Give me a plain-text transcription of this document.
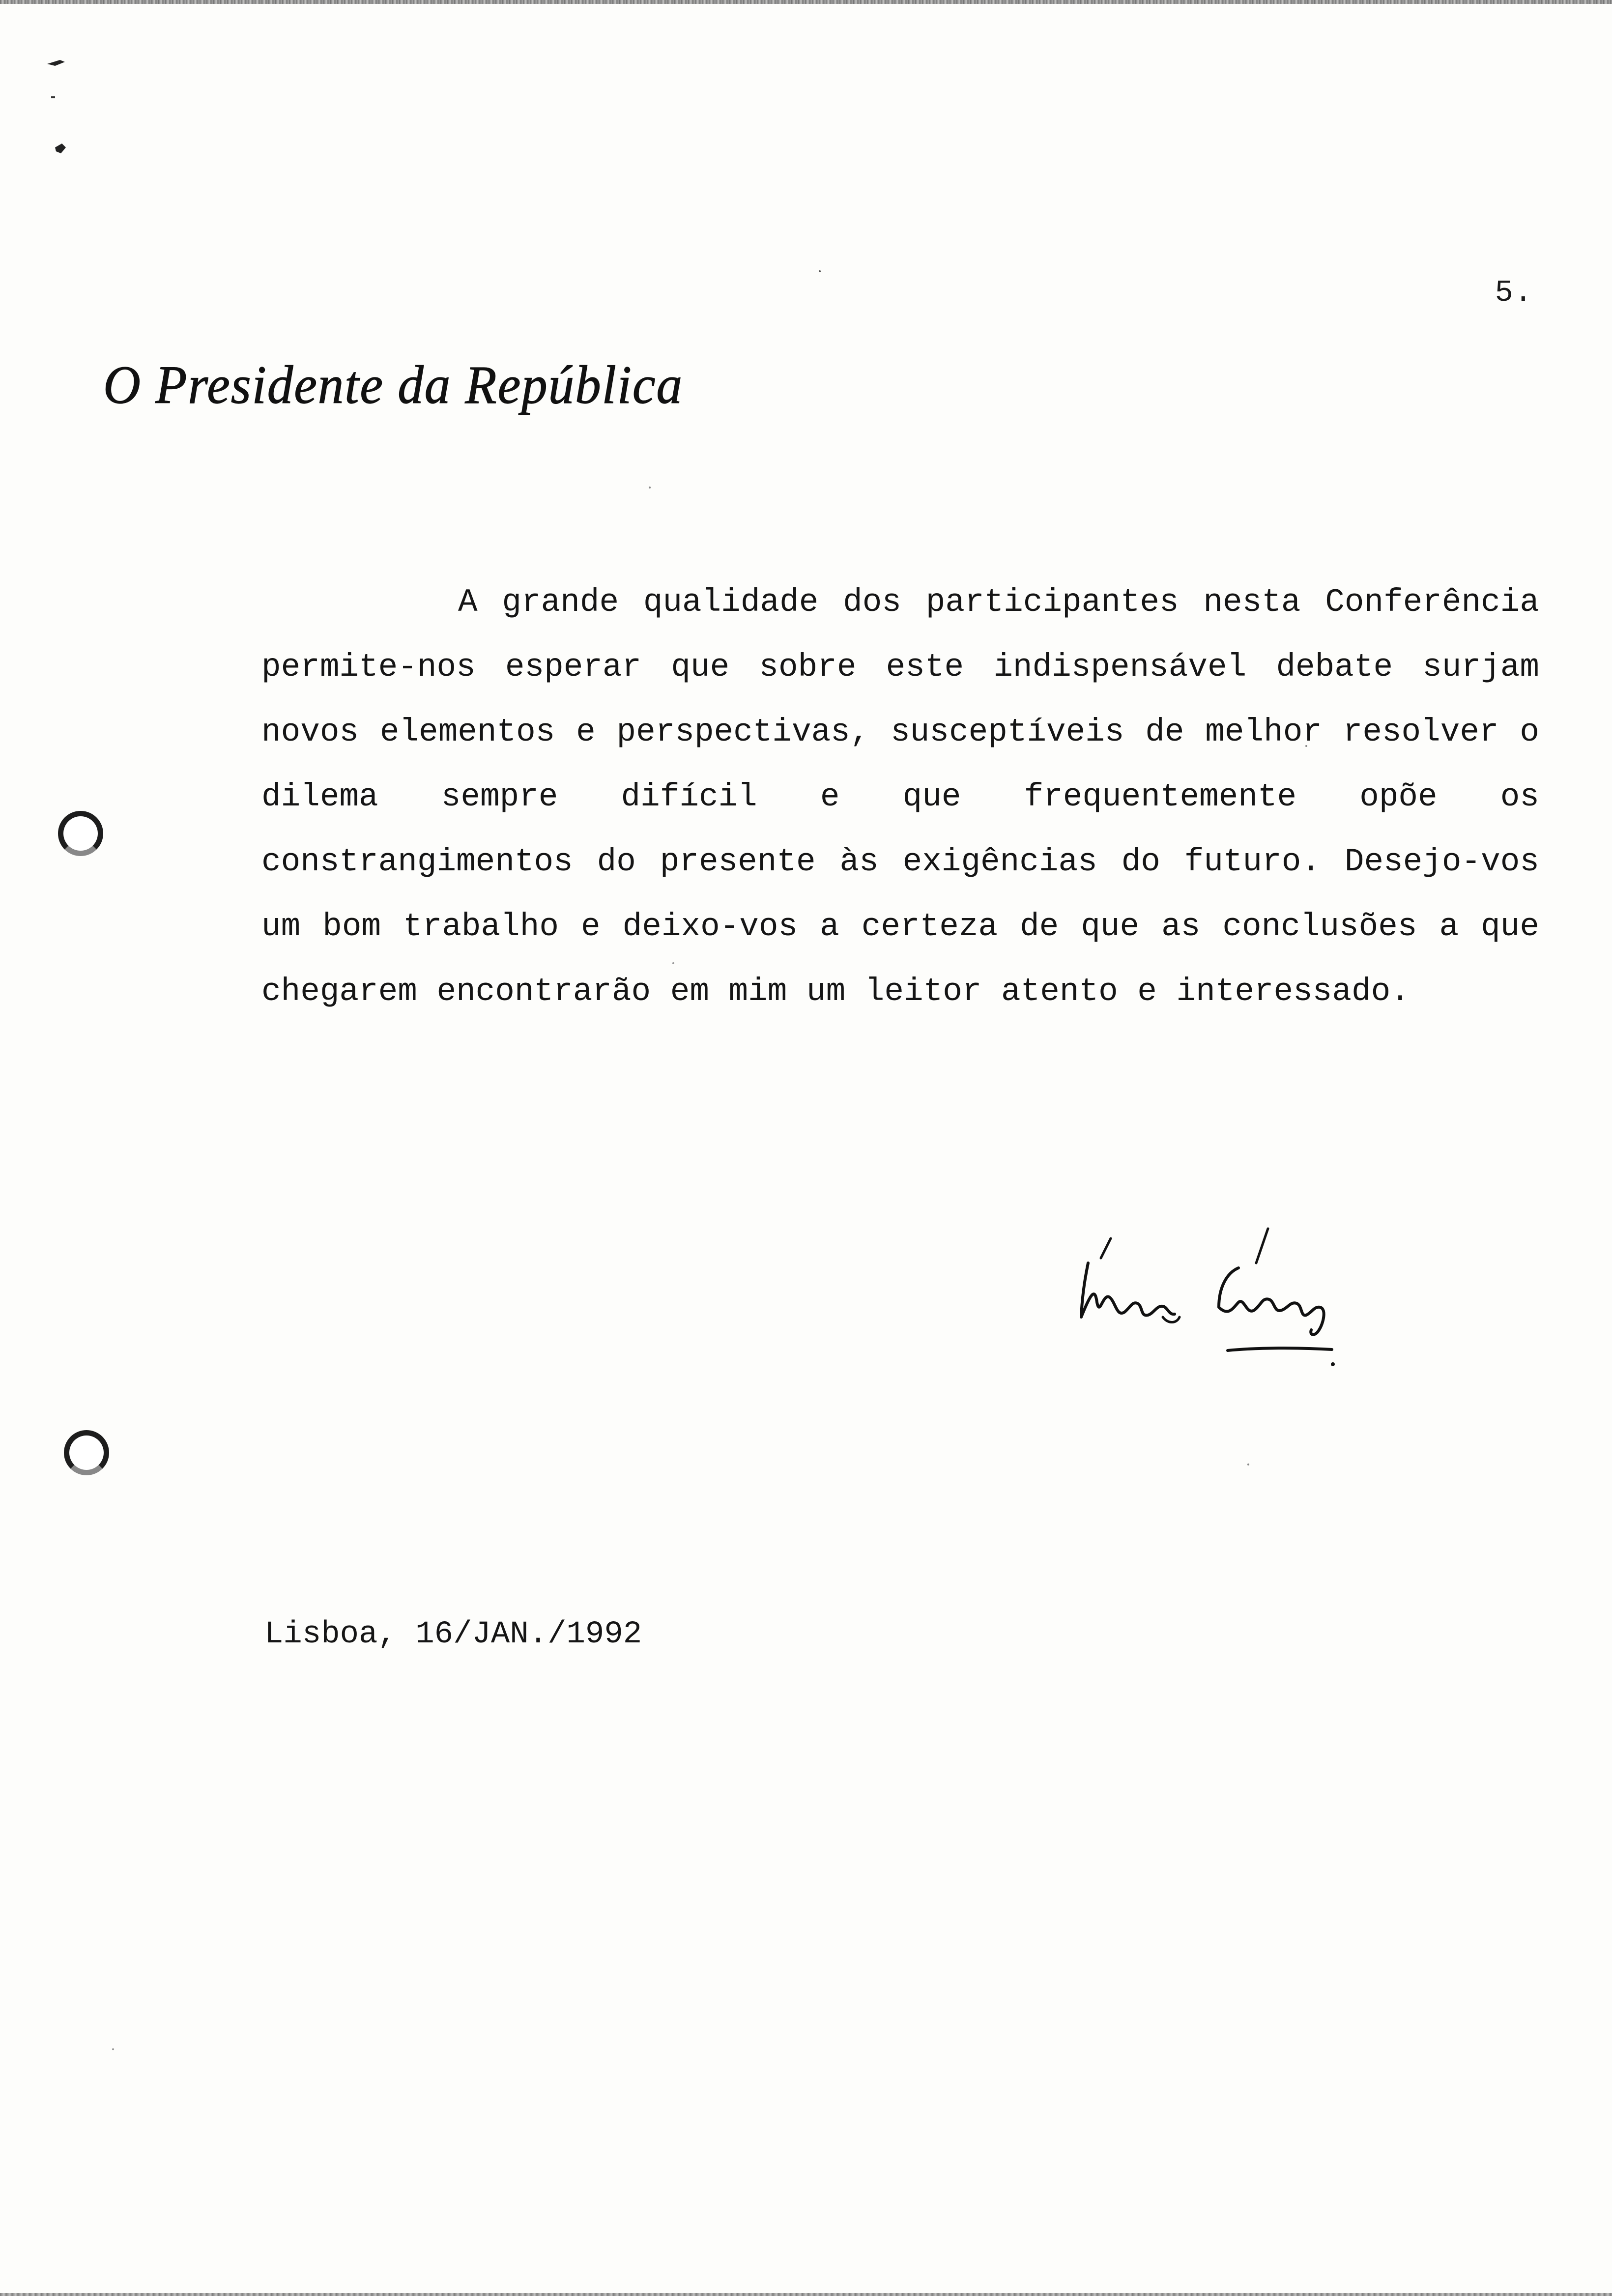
5.
O Presidente da República
A grande qualidade dos participantes nesta Conferência
permite-nos esperar que sobre este indispensável debate surjam
novos elementos e perspectivas, susceptíveis de melhor resolver o
dilema sempre difícil e que frequentemente opõe os
constrangimentos do presente às exigências do futuro. Desejo-vos
um bom trabalho e deixo-vos a certeza de que as conclusões a que
chegarem encontrarão em mim um leitor atento e interessado.
Lisboa, 16/JAN./1992
